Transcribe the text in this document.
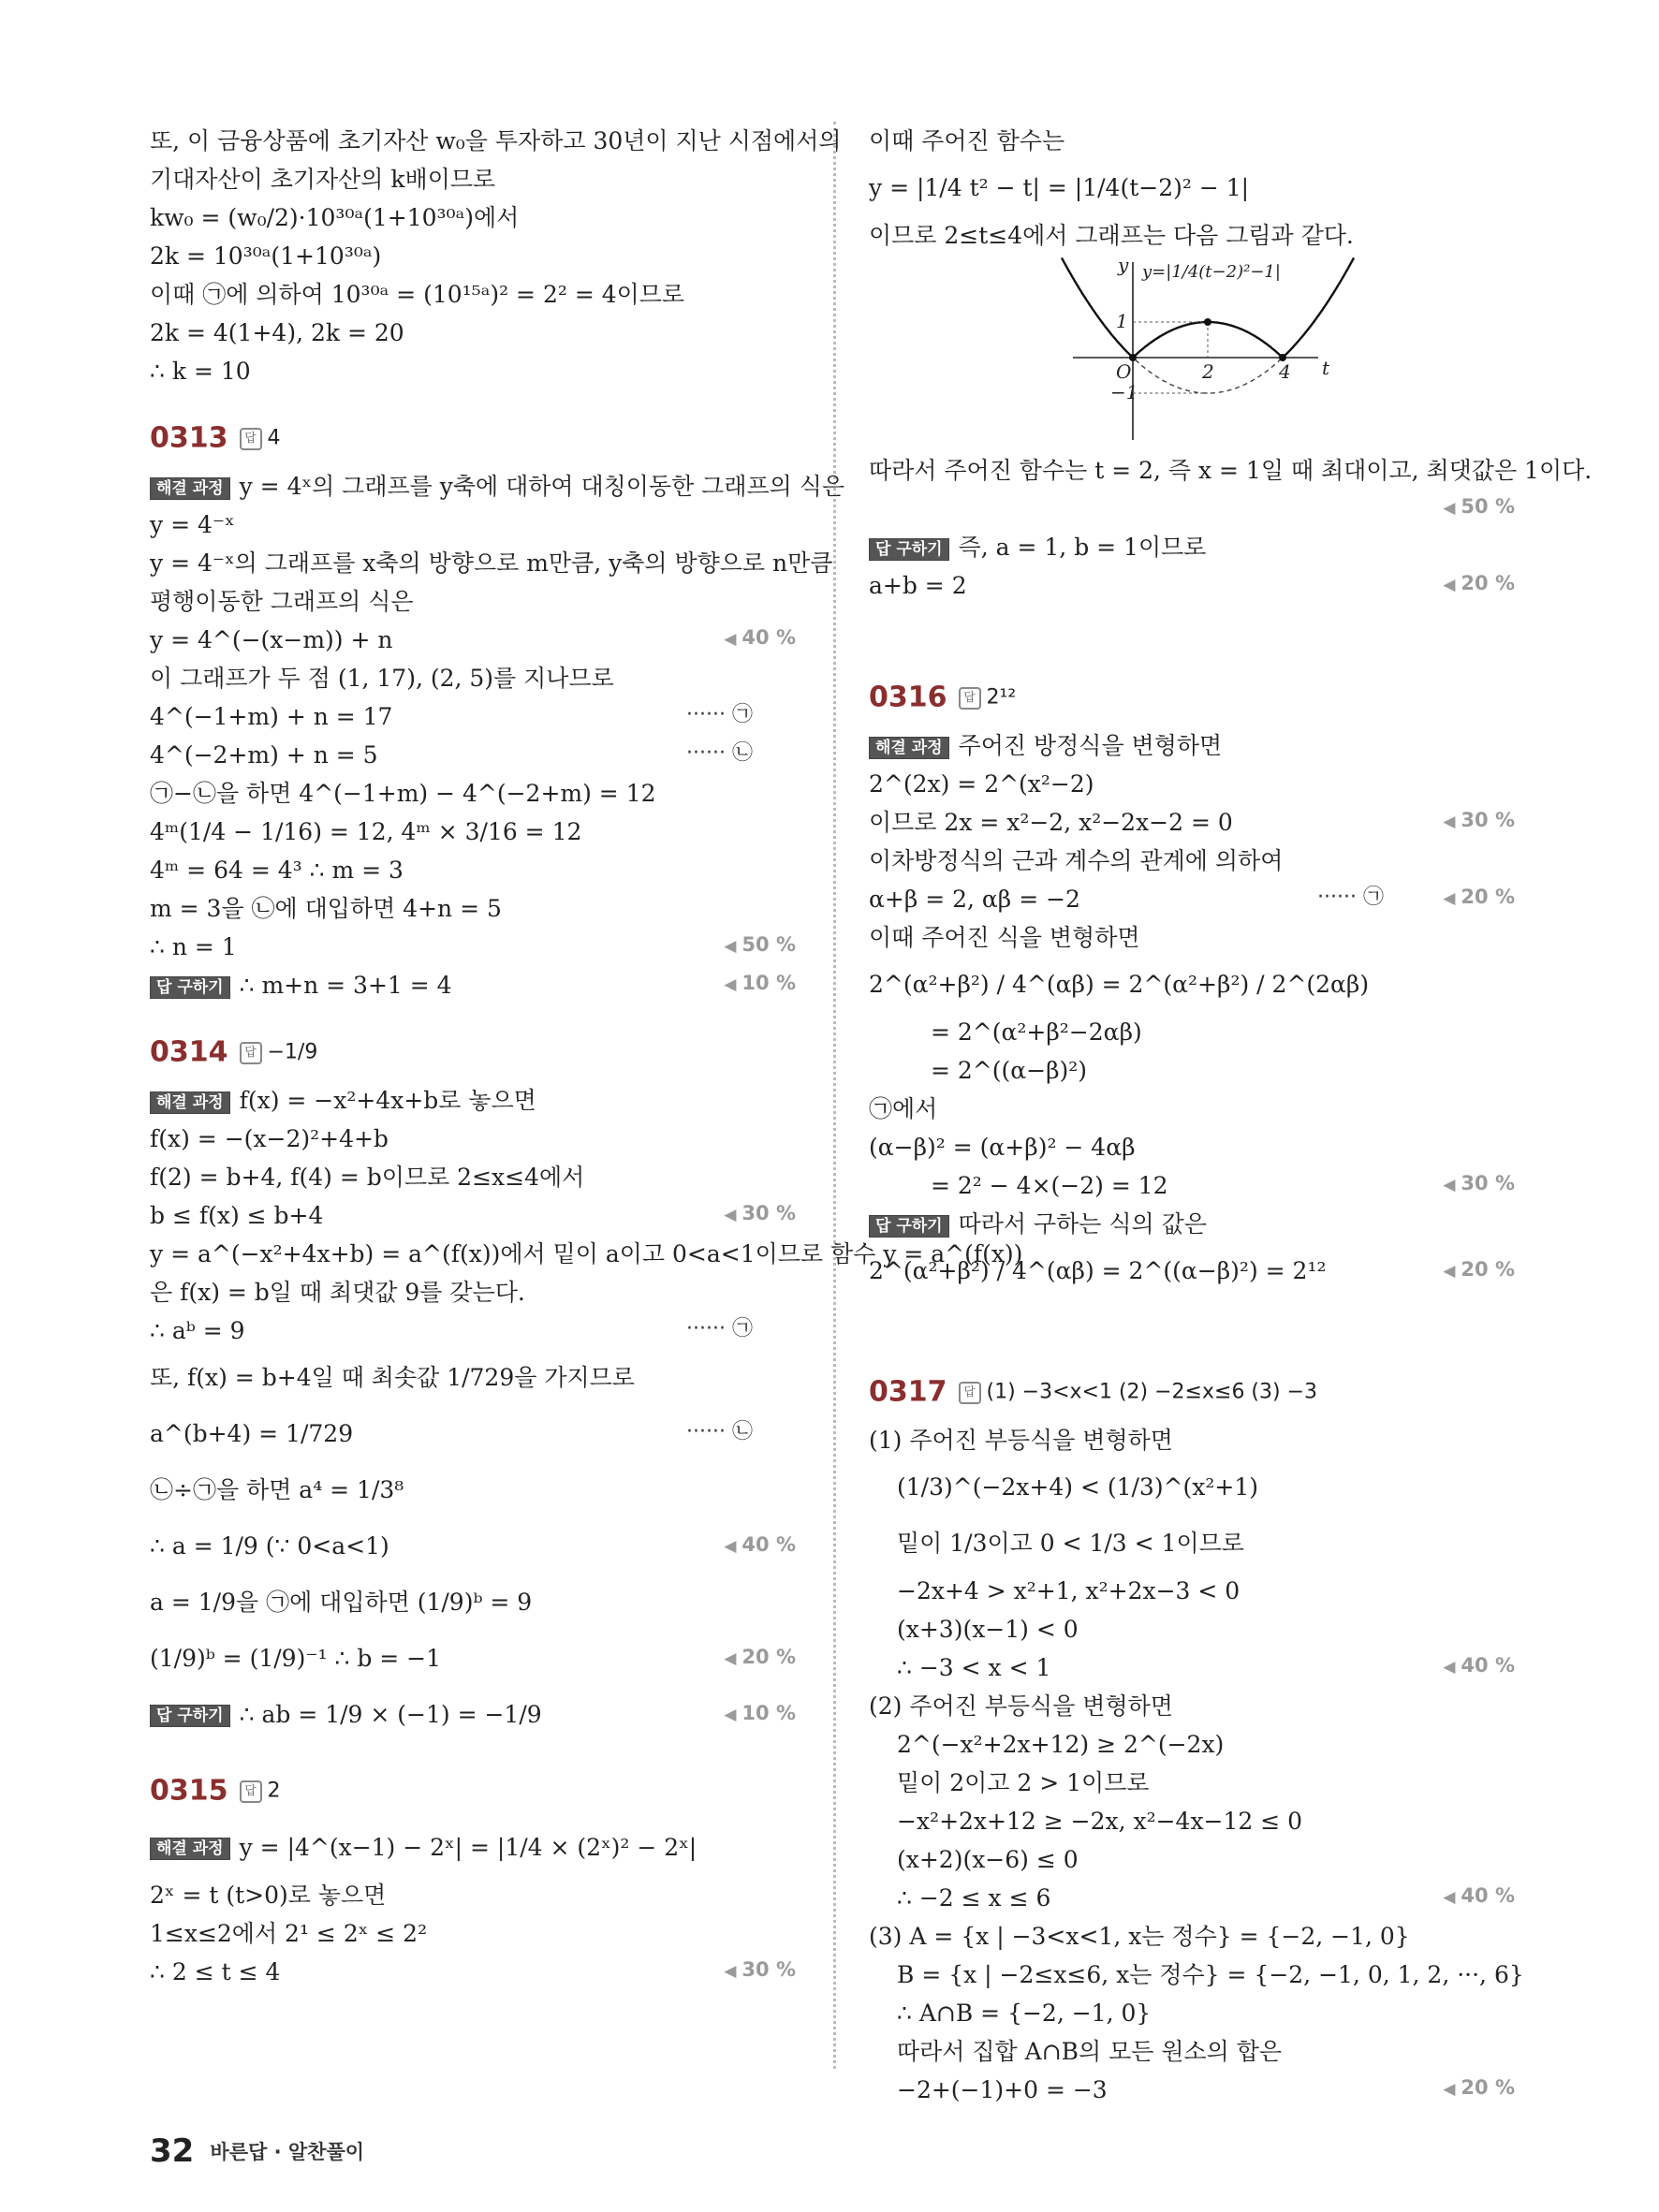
또, 이 금융상품에 초기자산 w₀을 투자하고 30년이 지난 시점에서의
기대자산이 초기자산의 k배이므로
kw₀ = (w₀/2)·10³⁰ᵃ(1+10³⁰ᵃ)에서
2k = 10³⁰ᵃ(1+10³⁰ᵃ)
이때 ㉠에 의하여 10³⁰ᵃ = (10¹⁵ᵃ)² = 2² = 4이므로
2k = 4(1+4), 2k = 20
∴ k = 10
0313 답 4
해결 과정 y = 4ˣ의 그래프를 y축에 대하여 대칭이동한 그래프의 식은
y = 4⁻ˣ
y = 4⁻ˣ의 그래프를 x축의 방향으로 m만큼, y축의 방향으로 n만큼
평행이동한 그래프의 식은
y = 4^(−(x−m)) + n	◀ 40 %
이 그래프가 두 점 (1, 17), (2, 5)를 지나므로
4^(−1+m) + n = 17	······ ㉠
4^(−2+m) + n = 5	······ ㉡
㉠−㉡을 하면 4^(−1+m) − 4^(−2+m) = 12
4ᵐ(1/4 − 1/16) = 12, 4ᵐ × 3/16 = 12
4ᵐ = 64 = 4³ ∴ m = 3
m = 3을 ㉡에 대입하면 4+n = 5
∴ n = 1	◀ 50 %
답 구하기 ∴ m+n = 3+1 = 4	◀ 10 %
0314 답 −1/9
해결 과정 f(x) = −x²+4x+b로 놓으면
f(x) = −(x−2)²+4+b
f(2) = b+4, f(4) = b이므로 2≤x≤4에서
b ≤ f(x) ≤ b+4	◀ 30 %
y = a^(−x²+4x+b) = a^(f(x))에서 밑이 a이고 0<a<1이므로 함수 y = a^(f(x))
은 f(x) = b일 때 최댓값 9를 갖는다.
∴ aᵇ = 9	······ ㉠
또, f(x) = b+4일 때 최솟값 1/729을 가지므로
a^(b+4) = 1/729	······ ㉡
㉡÷㉠을 하면 a⁴ = 1/3⁸
∴ a = 1/9 (∵ 0<a<1)	◀ 40 %
a = 1/9을 ㉠에 대입하면 (1/9)ᵇ = 9
(1/9)ᵇ = (1/9)⁻¹ ∴ b = −1	◀ 20 %
답 구하기 ∴ ab = 1/9 × (−1) = −1/9	◀ 10 %
0315 답 2
해결 과정 y = |4^(x−1) − 2ˣ| = |1/4 × (2ˣ)² − 2ˣ|
2ˣ = t (t>0)로 놓으면
1≤x≤2에서 2¹ ≤ 2ˣ ≤ 2²
∴ 2 ≤ t ≤ 4	◀ 30 %
이때 주어진 함수는
y = |1/4 t² − t| = |1/4(t−2)² − 1|
이므로 2≤t≤4에서 그래프는 다음 그림과 같다.
y
t
O	2	4
1
−1
y=|1/4(t−2)²−1|
따라서 주어진 함수는 t = 2, 즉 x = 1일 때 최대이고, 최댓값은 1이다.
◀ 50 %
답 구하기 즉, a = 1, b = 1이므로
a+b = 2	◀ 20 %
0316 답 2¹²
해결 과정 주어진 방정식을 변형하면
2^(2x) = 2^(x²−2)
이므로 2x = x²−2, x²−2x−2 = 0	◀ 30 %
이차방정식의 근과 계수의 관계에 의하여
α+β = 2, αβ = −2	······ ㉠	◀ 20 %
이때 주어진 식을 변형하면
2^(α²+β²) / 4^(αβ) = 2^(α²+β²) / 2^(2αβ)
= 2^(α²+β²−2αβ)
= 2^((α−β)²)
㉠에서
(α−β)² = (α+β)² − 4αβ
= 2² − 4×(−2) = 12	◀ 30 %
답 구하기 따라서 구하는 식의 값은
2^(α²+β²) / 4^(αβ) = 2^((α−β)²) = 2¹²	◀ 20 %
0317 답 (1) −3<x<1 (2) −2≤x≤6 (3) −3
(1) 주어진 부등식을 변형하면
(1/3)^(−2x+4) < (1/3)^(x²+1)
밑이 1/3이고 0 < 1/3 < 1이므로
−2x+4 > x²+1, x²+2x−3 < 0
(x+3)(x−1) < 0
∴ −3 < x < 1	◀ 40 %
(2) 주어진 부등식을 변형하면
2^(−x²+2x+12) ≥ 2^(−2x)
밑이 2이고 2 > 1이므로
−x²+2x+12 ≥ −2x, x²−4x−12 ≤ 0
(x+2)(x−6) ≤ 0
∴ −2 ≤ x ≤ 6	◀ 40 %
(3) A = {x | −3<x<1, x는 정수} = {−2, −1, 0}
B = {x | −2≤x≤6, x는 정수} = {−2, −1, 0, 1, 2, ···, 6}
∴ A∩B = {−2, −1, 0}
따라서 집합 A∩B의 모든 원소의 합은
−2+(−1)+0 = −3	◀ 20 %
32 바른답 · 알찬풀이
